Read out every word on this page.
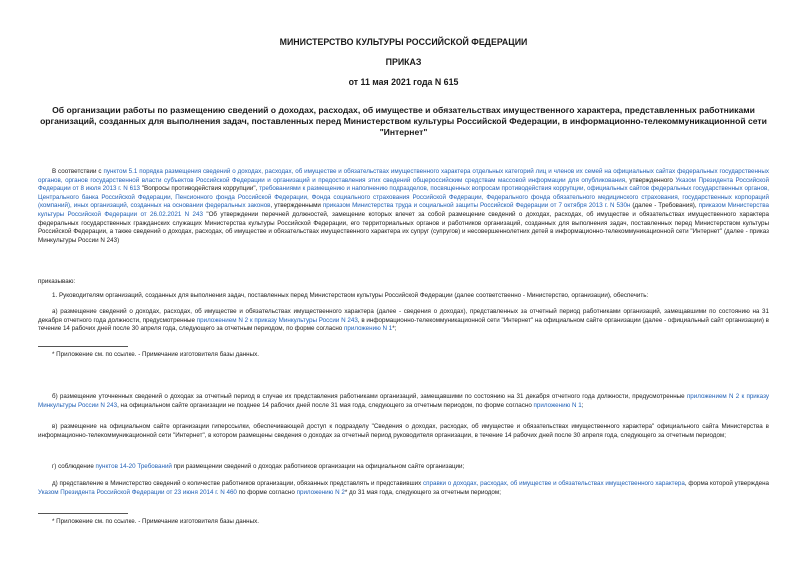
МИНИСТЕРСТВО КУЛЬТУРЫ РОССИЙСКОЙ ФЕДЕРАЦИИ

ПРИКАЗ

от 11 мая 2021 года N 615

Об организации работы по размещению сведений о доходах, расходах, об имуществе и обязательствах имущественного характера, представленных работниками организаций, созданных для выполнения задач, поставленных перед Министерством культуры Российской Федерации, в информационно-телекоммуникационной сети "Интернет"

В соответствии с пунктом 5.1 порядка размещения сведений о доходах, расходах, об имуществе и обязательствах имущественного характера отдельных категорий лиц и членов их семей на официальных сайтах федеральных государственных органов, органов государственной власти субъектов Российской Федерации и организаций и предоставления этих сведений общероссийским средствам массовой информации для опубликования, утвержденного Указом Президента Российской Федерации от 8 июля 2013 г. N 613 "Вопросы противодействия коррупции", требованиями к размещению и наполнению подразделов, посвященных вопросам противодействия коррупции, официальных сайтов федеральных государственных органов, Центрального банка Российской Федерации, Пенсионного фонда Российской Федерации, Фонда социального страхования Российской Федерации, Федерального фонда обязательного медицинского страхования, государственных корпораций (компаний), иных организаций, созданных на основании федеральных законов, утвержденными приказом Министерства труда и социальной защиты Российской Федерации от 7 октября 2013 г. N 530н (далее - Требования), приказом Министерства культуры Российской Федерации от 26.02.2021 N 243 "Об утверждении перечней должностей, замещение которых влечет за собой размещение сведений о доходах, расходах, об имуществе и обязательствах имущественного характера федеральных государственных гражданских служащих Министерства культуры Российской Федерации, его территориальных органов и работников организаций, созданных для выполнения задач, поставленных перед Министерством культуры Российской Федерации, а также сведений о доходах, расходах, об имуществе и обязательствах имущественного характера их супруг (супругов) и несовершеннолетних детей в информационно-телекоммуникационной сети "Интернет" (далее - приказ Минкультуры России N 243)

приказываю:

1. Руководителям организаций, созданных для выполнения задач, поставленных перед Министерством культуры Российской Федерации (далее соответственно - Министерство, организации), обеспечить:

а) размещение сведений о доходах, расходах, об имуществе и обязательствах имущественного характера (далее - сведения о доходах), представленных за отчетный период работниками организаций, замещавшими по состоянию на 31 декабря отчетного года должности, предусмотренные приложением N 2 к приказу Минкультуры России N 243, в информационно-телекоммуникационной сети "Интернет" на официальном сайте организации (далее - официальный сайт организации) в течение 14 рабочих дней после 30 апреля года, следующего за отчетным периодом, по форме согласно приложению N 1*;

* Приложение см. по ссылке. - Примечание изготовителя базы данных.

б) размещение уточненных сведений о доходах за отчетный период в случае их представления работниками организаций, замещавшими по состоянию на 31 декабря отчетного года должности, предусмотренные приложением N 2 к приказу Минкультуры России N 243, на официальном сайте организации не позднее 14 рабочих дней после 31 мая года, следующего за отчетным периодом, по форме согласно приложению N 1;

в) размещение на официальном сайте организации гиперссылки, обеспечивающей доступ к подразделу "Сведения о доходах, расходах, об имуществе и обязательствах имущественного характера" официального сайта Министерства в информационно-телекоммуникационной сети "Интернет", в котором размещены сведения о доходах за отчетный период руководителя организации, в течение 14 рабочих дней после 30 апреля года, следующего за отчетным периодом;

г) соблюдение пунктов 14-20 Требований при размещении сведений о доходах работников организации на официальном сайте организации;

д) представление в Министерство сведений о количестве работников организации, обязанных представлять и представивших справки о доходах, расходах, об имуществе и обязательствах имущественного характера, форма которой утверждена Указом Президента Российской Федерации от 23 июня 2014 г. N 460 по форме согласно приложению N 2* до 31 мая года, следующего за отчетным периодом;

* Приложение см. по ссылке. - Примечание изготовителя базы данных.
